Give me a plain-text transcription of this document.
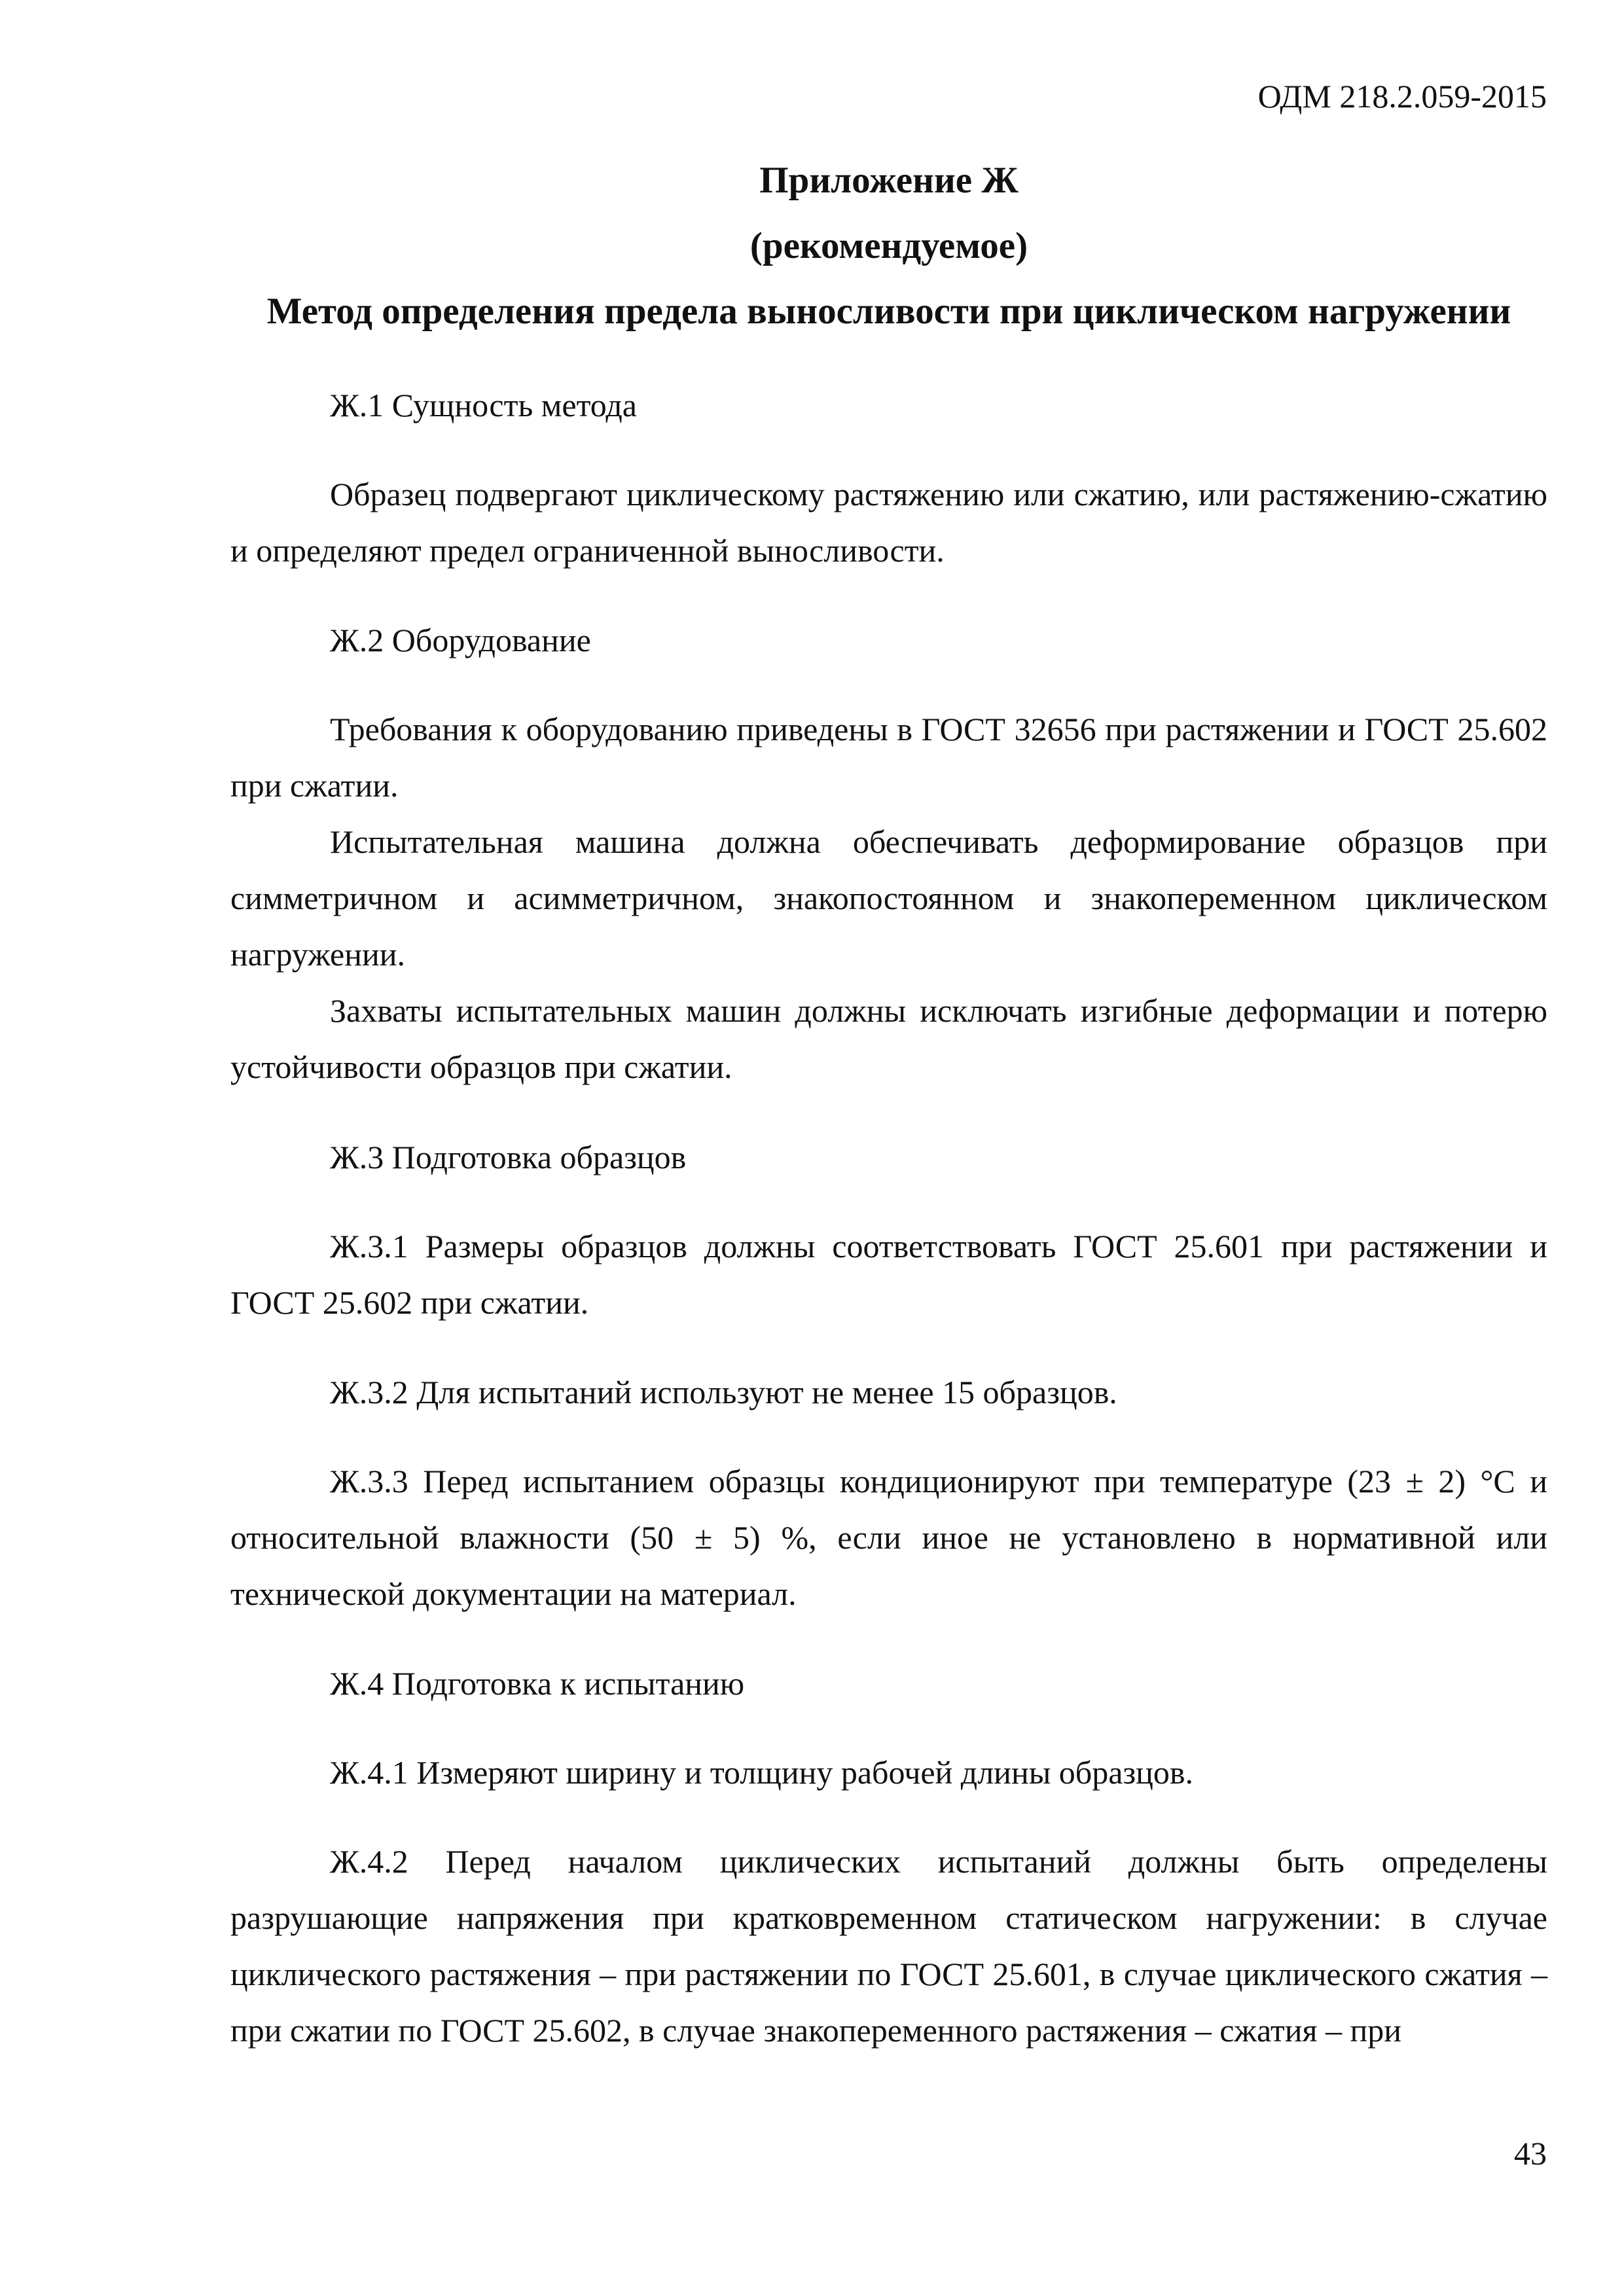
ОДМ 218.2.059-2015
Приложение Ж
(рекомендуемое)
Метод определения предела выносливости при циклическом нагружении

Ж.1 Сущность метода

Образец подвергают циклическому растяжению или сжатию, или растяжению-сжатию и определяют предел ограниченной выносливости.

Ж.2 Оборудование

Требования к оборудованию приведены в ГОСТ 32656 при растяжении и ГОСТ 25.602 при сжатии.

Испытательная машина должна обеспечивать деформирование образцов при симметричном и асимметричном, знакопостоянном и знакопеременном циклическом нагружении.

Захваты испытательных машин должны исключать изгибные деформации и потерю устойчивости образцов при сжатии.

Ж.3 Подготовка образцов

Ж.3.1 Размеры образцов должны соответствовать ГОСТ 25.601 при растяжении и ГОСТ 25.602 при сжатии.

Ж.3.2 Для испытаний используют не менее 15 образцов.

Ж.3.3 Перед испытанием образцы кондиционируют при температуре (23 ± 2) °С и относительной влажности (50 ± 5) %, если иное не установлено в нормативной или технической документации на материал.

Ж.4 Подготовка к испытанию

Ж.4.1 Измеряют ширину и толщину рабочей длины образцов.

Ж.4.2 Перед началом циклических испытаний должны быть определены разрушающие напряжения при кратковременном статическом нагружении: в случае циклического растяжения – при растяжении по ГОСТ 25.601, в случае циклического сжатия – при сжатии по ГОСТ 25.602, в случае знакопеременного растяжения – сжатия – при

43
